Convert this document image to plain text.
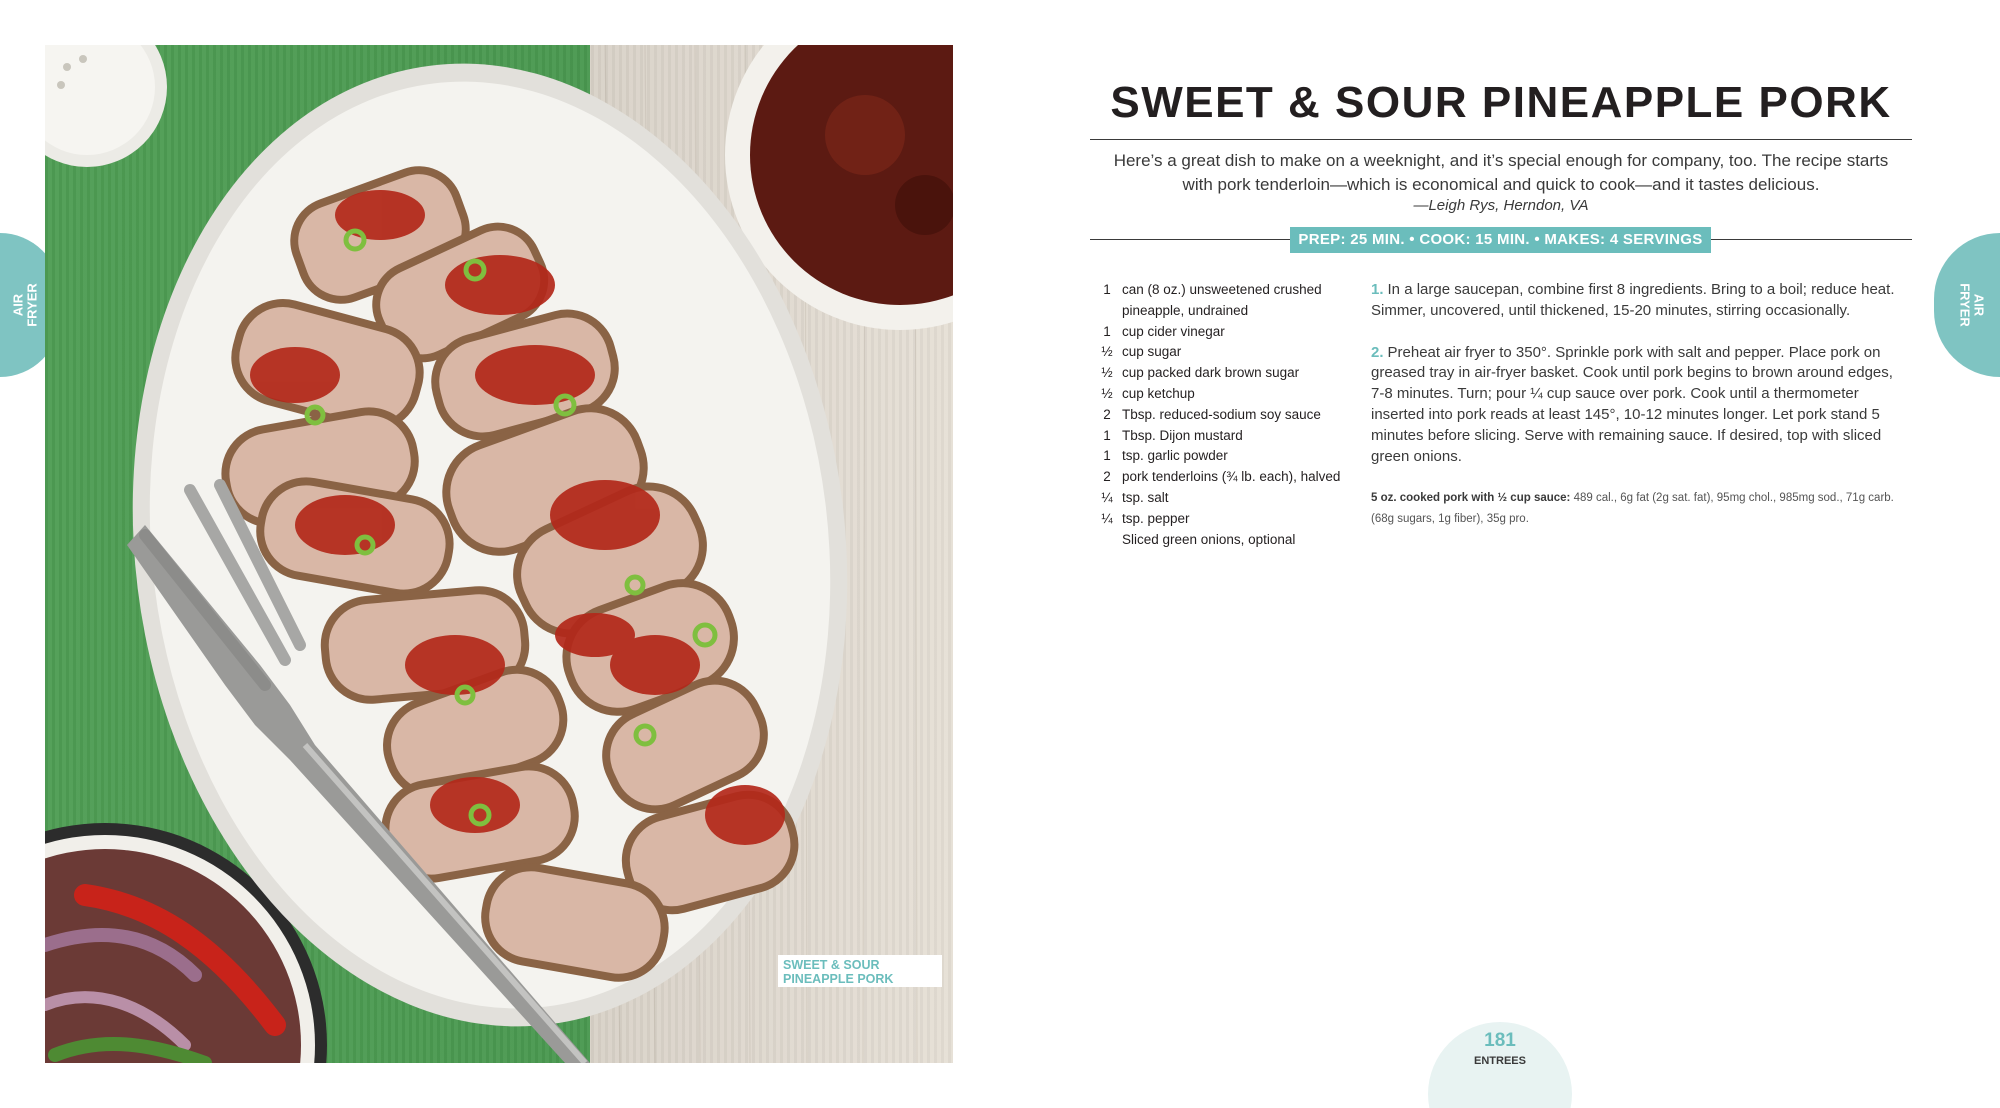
AIR FRYER
SWEET & SOUR
PINEAPPLE PORK
SWEET & SOUR PINEAPPLE PORK

Here’s a great dish to make on a weeknight, and it’s special enough for company, too. The recipe starts with pork tenderloin—which is economical and quick to cook—and it tastes delicious.

—Leigh Rys, Herndon, VA

PREP: 25 MIN. • COOK: 15 MIN. • MAKES: 4 SERVINGS
1 can (8 oz.) unsweetened crushed pineapple, undrained
1 cup cider vinegar
½ cup sugar
½ cup packed dark brown sugar
½ cup ketchup
2 Tbsp. reduced-sodium soy sauce
1 Tbsp. Dijon mustard
1 tsp. garlic powder
2 pork tenderloins (¾ lb. each), halved
¼ tsp. salt
¼ tsp. pepper
Sliced green onions, optional

1. In a large saucepan, combine first 8 ingredients. Bring to a boil; reduce heat. Simmer, uncovered, until thickened, 15-20 minutes, stirring occasionally.

2. Preheat air fryer to 350°. Sprinkle pork with salt and pepper. Place pork on greased tray in air-fryer basket. Cook until pork begins to brown around edges, 7-8 minutes. Turn; pour ¼ cup sauce over pork. Cook until a thermometer inserted into pork reads at least 145°, 10-12 minutes longer. Let pork stand 5 minutes before slicing. Serve with remaining sauce. If desired, top with sliced green onions.

5 oz. cooked pork with ½ cup sauce: 489 cal., 6g fat (2g sat. fat), 95mg chol., 985mg sod., 71g carb. (68g sugars, 1g fiber), 35g pro.

AIR
FRYER
181
ENTREES
